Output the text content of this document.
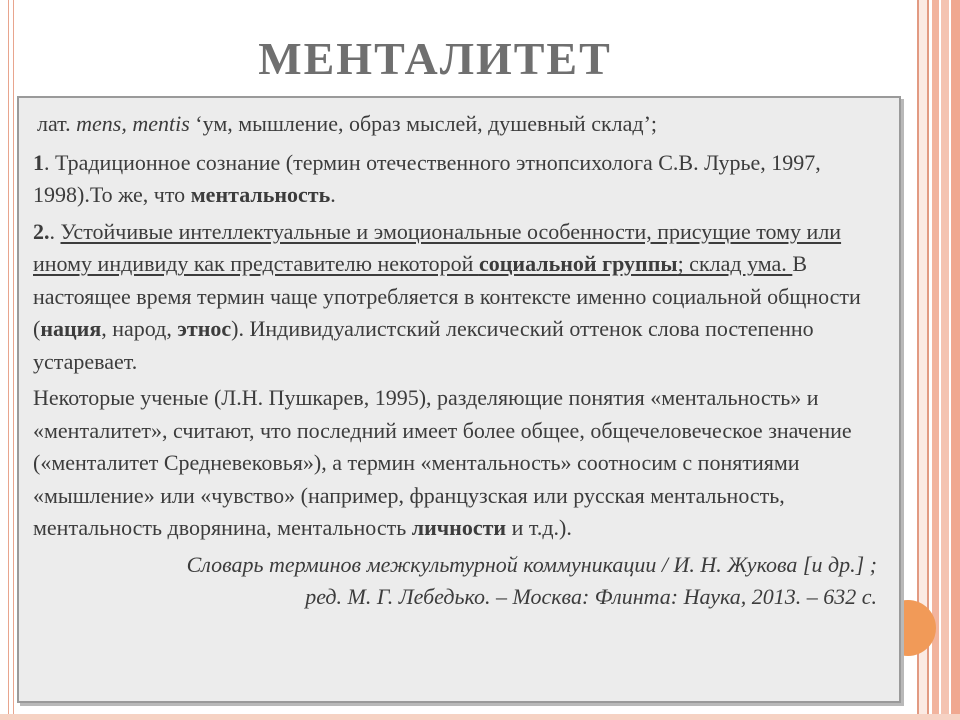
МЕНТАЛИТЕТ

лат. mens, mentis ‘ум, мышление, образ мыслей, душевный склад’;

1. Традиционное сознание (термин отечественного этнопсихолога С.В. Лурье, 1997, 1998).То же, что ментальность.

2.. Устойчивые интеллектуальные и эмоциональные особенности, присущие тому или иному индивиду как представителю некоторой социальной группы; склад ума. В настоящее время термин чаще употребляется в контексте именно социальной общности (нация, народ, этнос). Индивидуалистский лексический оттенок слова постепенно устаревает.

Некоторые ученые (Л.Н. Пушкарев, 1995), разделяющие понятия «ментальность» и «менталитет», считают, что последний имеет более общее, общечеловеческое значение («менталитет Средневековья»), а термин «ментальность» соотносим с понятиями «мышление» или «чувство» (например, французская или русская ментальность, ментальность дворянина, ментальность личности и т.д.).

Словарь терминов межкультурной коммуникации / И. Н. Жукова [и др.] ;
ред. М. Г. Лебедько. – Москва: Флинта: Наука, 2013. – 632 с.
